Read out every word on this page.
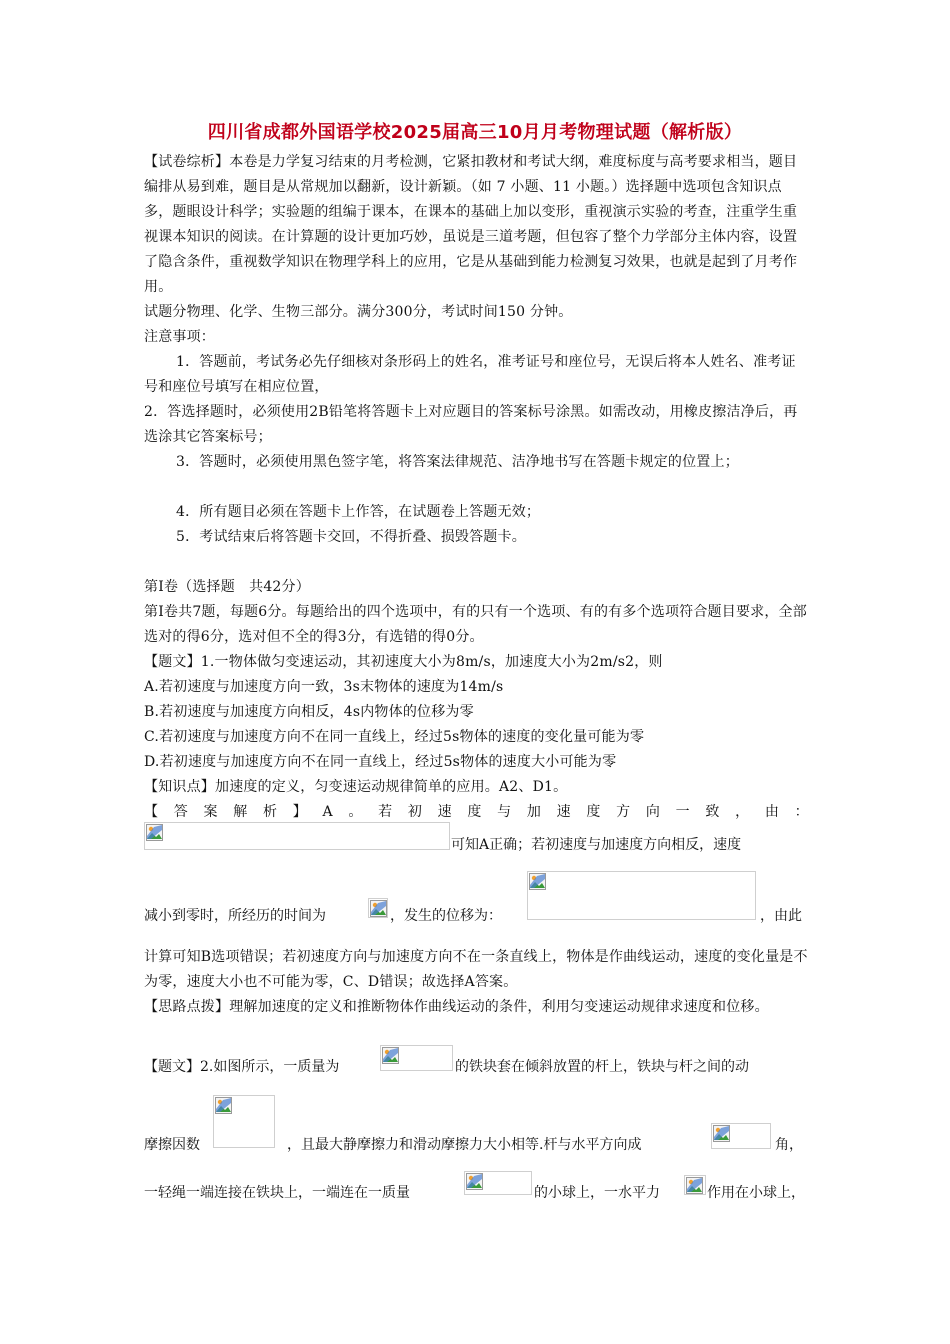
四川省成都外国语学校2025届高三10月月考物理试题（解析版）
【试卷综析】本卷是力学复习结束的月考检测，它紧扣教材和考试大纲，难度标度与高考要求相当，题目编排从易到难，题目是从常规加以翻新，设计新颖。（如 7 小题、11 小题。）选择题中选项包含知识点多，题眼设计科学；实验题的组编于课本，在课本的基础上加以变形，重视演示实验的考查，注重学生重视课本知识的阅读。在计算题的设计更加巧妙，虽说是三道考题，但包容了整个力学部分主体内容，设置了隐含条件，重视数学知识在物理学科上的应用，它是从基础到能力检测复习效果，也就是起到了月考作用。
试题分物理、化学、生物三部分。满分300分，考试时间150 分钟。
注意事项：
1．答题前，考试务必先仔细核对条形码上的姓名，准考证号和座位号，无误后将本人姓名、准考证号和座位号填写在相应位置，
2．答选择题时，必须使用2B铅笔将答题卡上对应题目的答案标号涂黑。如需改动，用橡皮擦洁净后，再选涂其它答案标号；
3．答题时，必须使用黑色签字笔，将答案法律规范、洁净地书写在答题卡规定的位置上；
4．所有题目必须在答题卡上作答，在试题卷上答题无效；
5．考试结束后将答题卡交回，不得折叠、损毁答题卡。
第Ⅰ卷（选择题　共42分）
第Ⅰ卷共7题，每题6分。每题给出的四个选项中，有的只有一个选项、有的有多个选项符合题目要求，全部选对的得6分，选对但不全的得3分，有选错的得0分。
【题文】1.一物体做匀变速运动，其初速度大小为8m/s，加速度大小为2m/s2，则
A.若初速度与加速度方向一致，3s末物体的速度为14m/s
B.若初速度与加速度方向相反，4s内物体的位移为零
C.若初速度与加速度方向不在同一直线上，经过5s物体的速度的变化量可能为零
D.若初速度与加速度方向不在同一直线上，经过5s物体的速度大小可能为零
【知识点】加速度的定义，匀变速运动规律简单的应用。A2、D1。
【 答 案 解 析 】 A 。 若 初 速 度 与 加 速 度 方 向 一 致 ， 由 ：
可知A正确；若初速度与加速度方向相反，速度
减小到零时，所经历的时间为	，发生的位移为：	，由此
计算可知B选项错误；若初速度方向与加速度方向不在一条直线上，物体是作曲线运动，速度的变化量是不为零，速度大小也不可能为零，C、D错误；故选择A答案。
【思路点拨】理解加速度的定义和推断物体作曲线运动的条件，利用匀变速运动规律求速度和位移。
【题文】2.如图所示，一质量为	的铁块套在倾斜放置的杆上，铁块与杆之间的动
摩擦因数	，且最大静摩擦力和滑动摩擦力大小相等.杆与水平方向成	角，
一轻绳一端连接在铁块上，一端连在一质量	的小球上，一水平力	作用在小球上，
